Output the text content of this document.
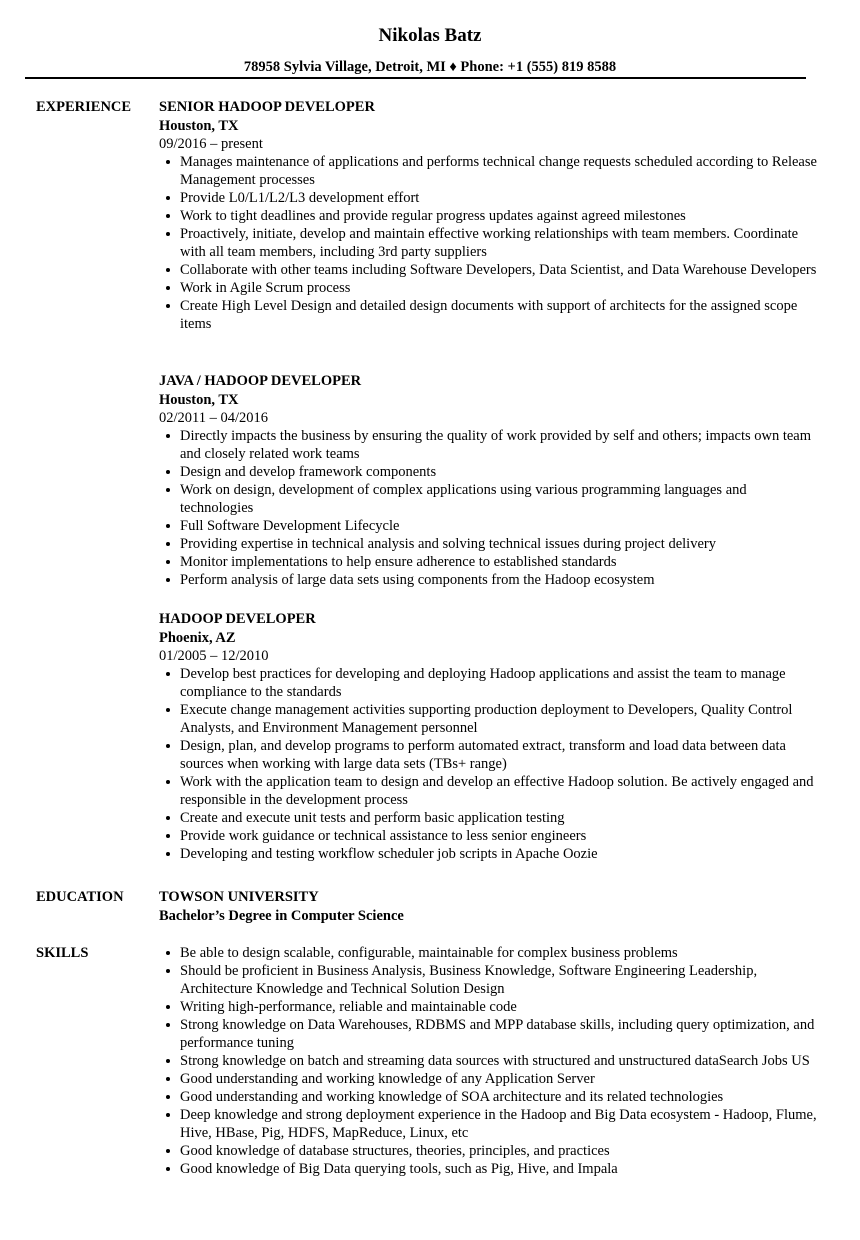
Nikolas Batz
78958 Sylvia Village, Detroit, MI ♦ Phone: +1 (555) 819 8588
EXPERIENCE SENIOR HADOOP DEVELOPER
Houston, TX
09/2016 – present
Manages maintenance of applications and performs technical change requests scheduled according to Release Management processes
Provide L0/L1/L2/L3 development effort
Work to tight deadlines and provide regular progress updates against agreed milestones
Proactively, initiate, develop and maintain effective working relationships with team members. Coordinate with all team members, including 3rd party suppliers
Collaborate with other teams including Software Developers, Data Scientist, and Data Warehouse Developers
Work in Agile Scrum process
Create High Level Design and detailed design documents with support of architects for the assigned scope items
JAVA / HADOOP DEVELOPER
Houston, TX
02/2011 – 04/2016
Directly impacts the business by ensuring the quality of work provided by self and others; impacts own team and closely related work teams
Design and develop framework components
Work on design, development of complex applications using various programming languages and technologies
Full Software Development Lifecycle
Providing expertise in technical analysis and solving technical issues during project delivery
Monitor implementations to help ensure adherence to established standards
Perform analysis of large data sets using components from the Hadoop ecosystem
HADOOP DEVELOPER
Phoenix, AZ
01/2005 – 12/2010
Develop best practices for developing and deploying Hadoop applications and assist the team to manage compliance to the standards
Execute change management activities supporting production deployment to Developers, Quality Control Analysts, and Environment Management personnel
Design, plan, and develop programs to perform automated extract, transform and load data between data sources when working with large data sets (TBs+ range)
Work with the application team to design and develop an effective Hadoop solution. Be actively engaged and responsible in the development process
Create and execute unit tests and perform basic application testing
Provide work guidance or technical assistance to less senior engineers
Developing and testing workflow scheduler job scripts in Apache Oozie
EDUCATION TOWSON UNIVERSITY
Bachelor’s Degree in Computer Science
SKILLS	Be able to design scalable, configurable, maintainable for complex business problems
Should be proficient in Business Analysis, Business Knowledge, Software Engineering Leadership, Architecture Knowledge and Technical Solution Design
Writing high-performance, reliable and maintainable code
Strong knowledge on Data Warehouses, RDBMS and MPP database skills, including query optimization, and performance tuning
Strong knowledge on batch and streaming data sources with structured and unstructured dataSearch Jobs US
Good understanding and working knowledge of any Application Server
Good understanding and working knowledge of SOA architecture and its related technologies
Deep knowledge and strong deployment experience in the Hadoop and Big Data ecosystem - Hadoop, Flume, Hive, HBase, Pig, HDFS, MapReduce, Linux, etc
Good knowledge of database structures, theories, principles, and practices
Good knowledge of Big Data querying tools, such as Pig, Hive, and Impala
